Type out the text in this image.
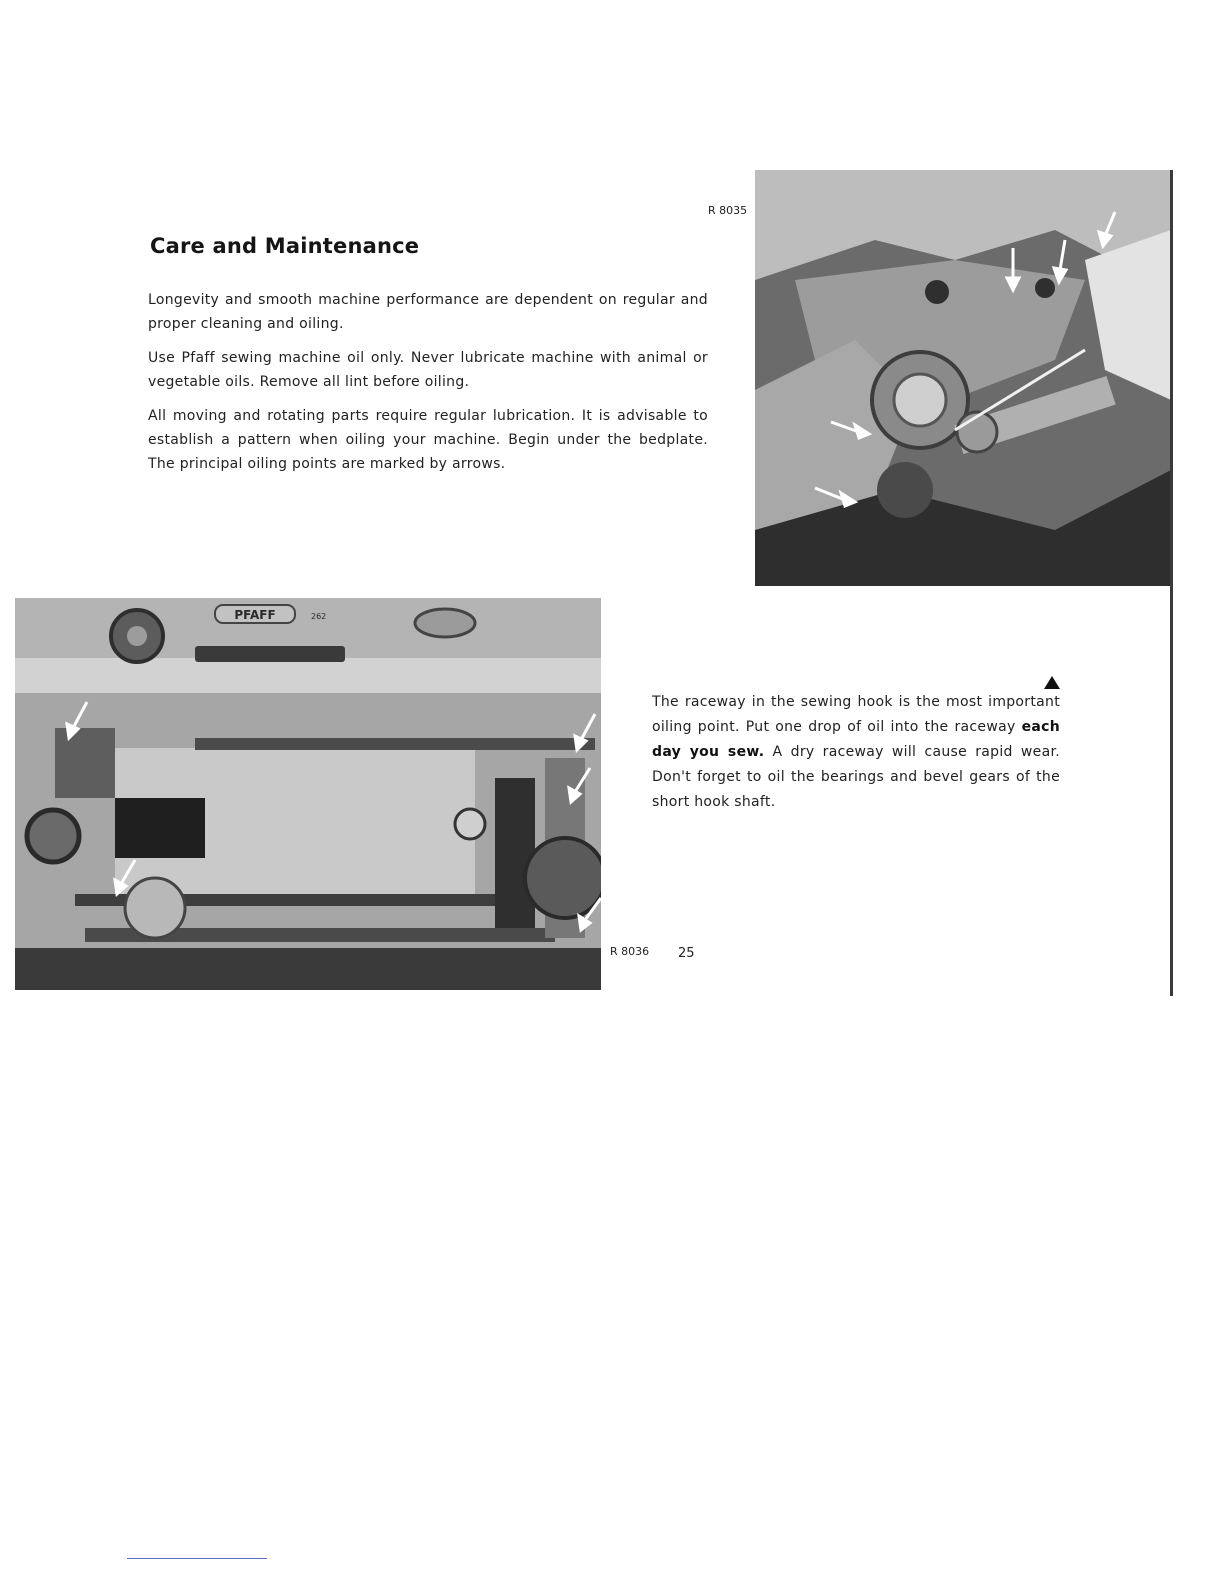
Care and Maintenance

Longevity and smooth machine performance are dependent on regular and proper cleaning and oiling.

Use Pfaff sewing machine oil only. Never lubricate machine with animal or vegetable oils. Remove all lint before oiling.

All moving and rotating parts require regular lubrication. It is advisable to establish a pattern when oiling your machine. Begin under the bedplate. The principal oiling points are marked by arrows.

R 8035
PFAFF	262
R 8036
The raceway in the sewing hook is the most important oiling point. Put one drop of oil into the raceway each day you sew. A dry raceway will cause rapid wear. Don't forget to oil the bearings and bevel gears of the short hook shaft.
25
